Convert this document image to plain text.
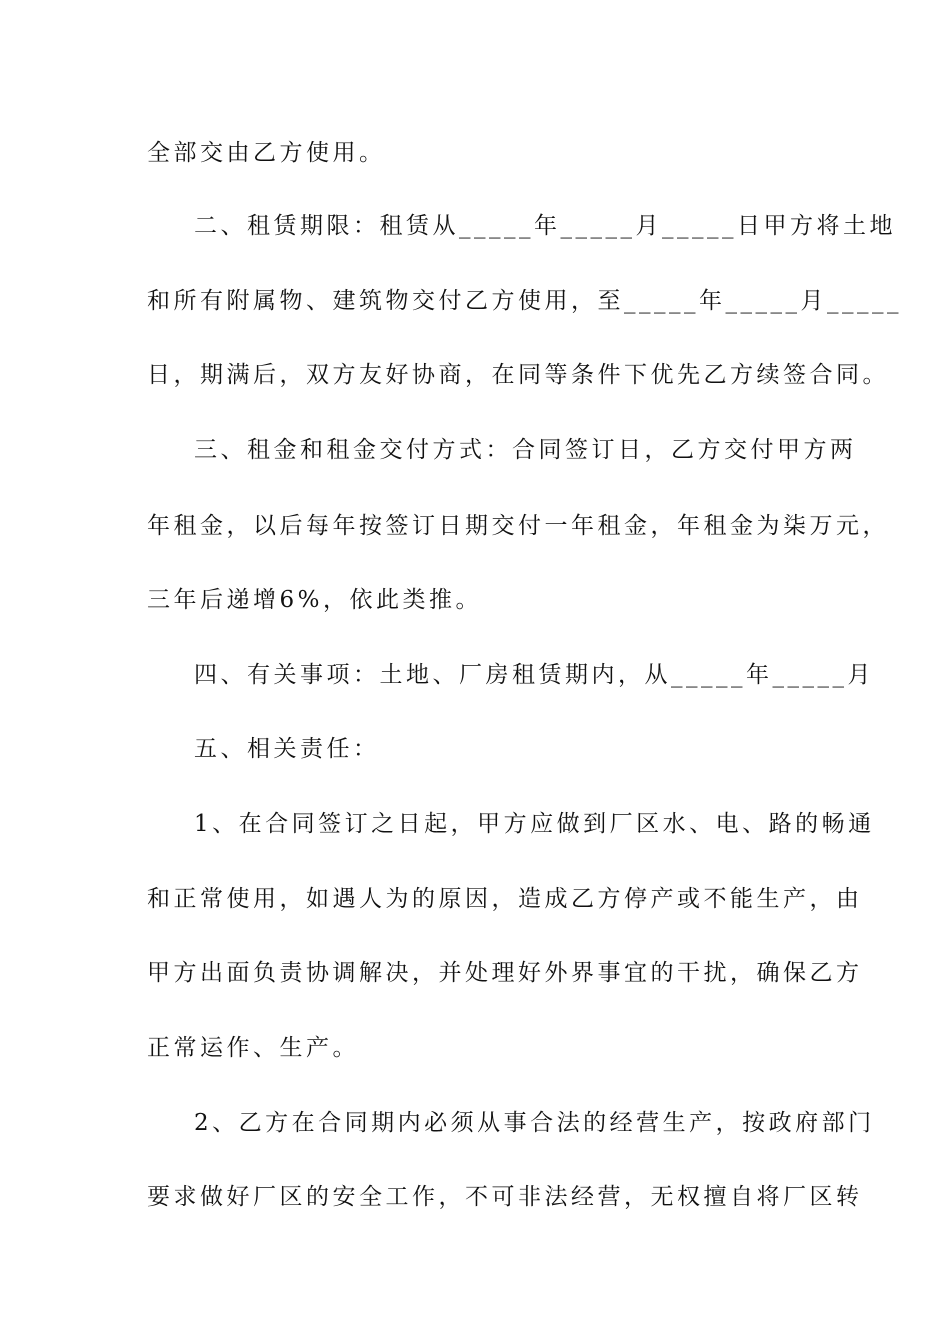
全部交由乙方使用。
二、租赁期限：租赁从_____年_____月_____日甲方将土地
和所有附属物、建筑物交付乙方使用，至_____年_____月_____
日，期满后，双方友好协商，在同等条件下优先乙方续签合同。
三、租金和租金交付方式：合同签订日，乙方交付甲方两
年租金，以后每年按签订日期交付一年租金，年租金为柒万元，
三年后递增6%，依此类推。
四、有关事项：土地、厂房租赁期内，从_____年_____月
五、相关责任：
1、在合同签订之日起，甲方应做到厂区水、电、路的畅通
和正常使用，如遇人为的原因，造成乙方停产或不能生产，由
甲方出面负责协调解决，并处理好外界事宜的干扰，确保乙方
正常运作、生产。
2、乙方在合同期内必须从事合法的经营生产，按政府部门
要求做好厂区的安全工作，不可非法经营，无权擅自将厂区转
